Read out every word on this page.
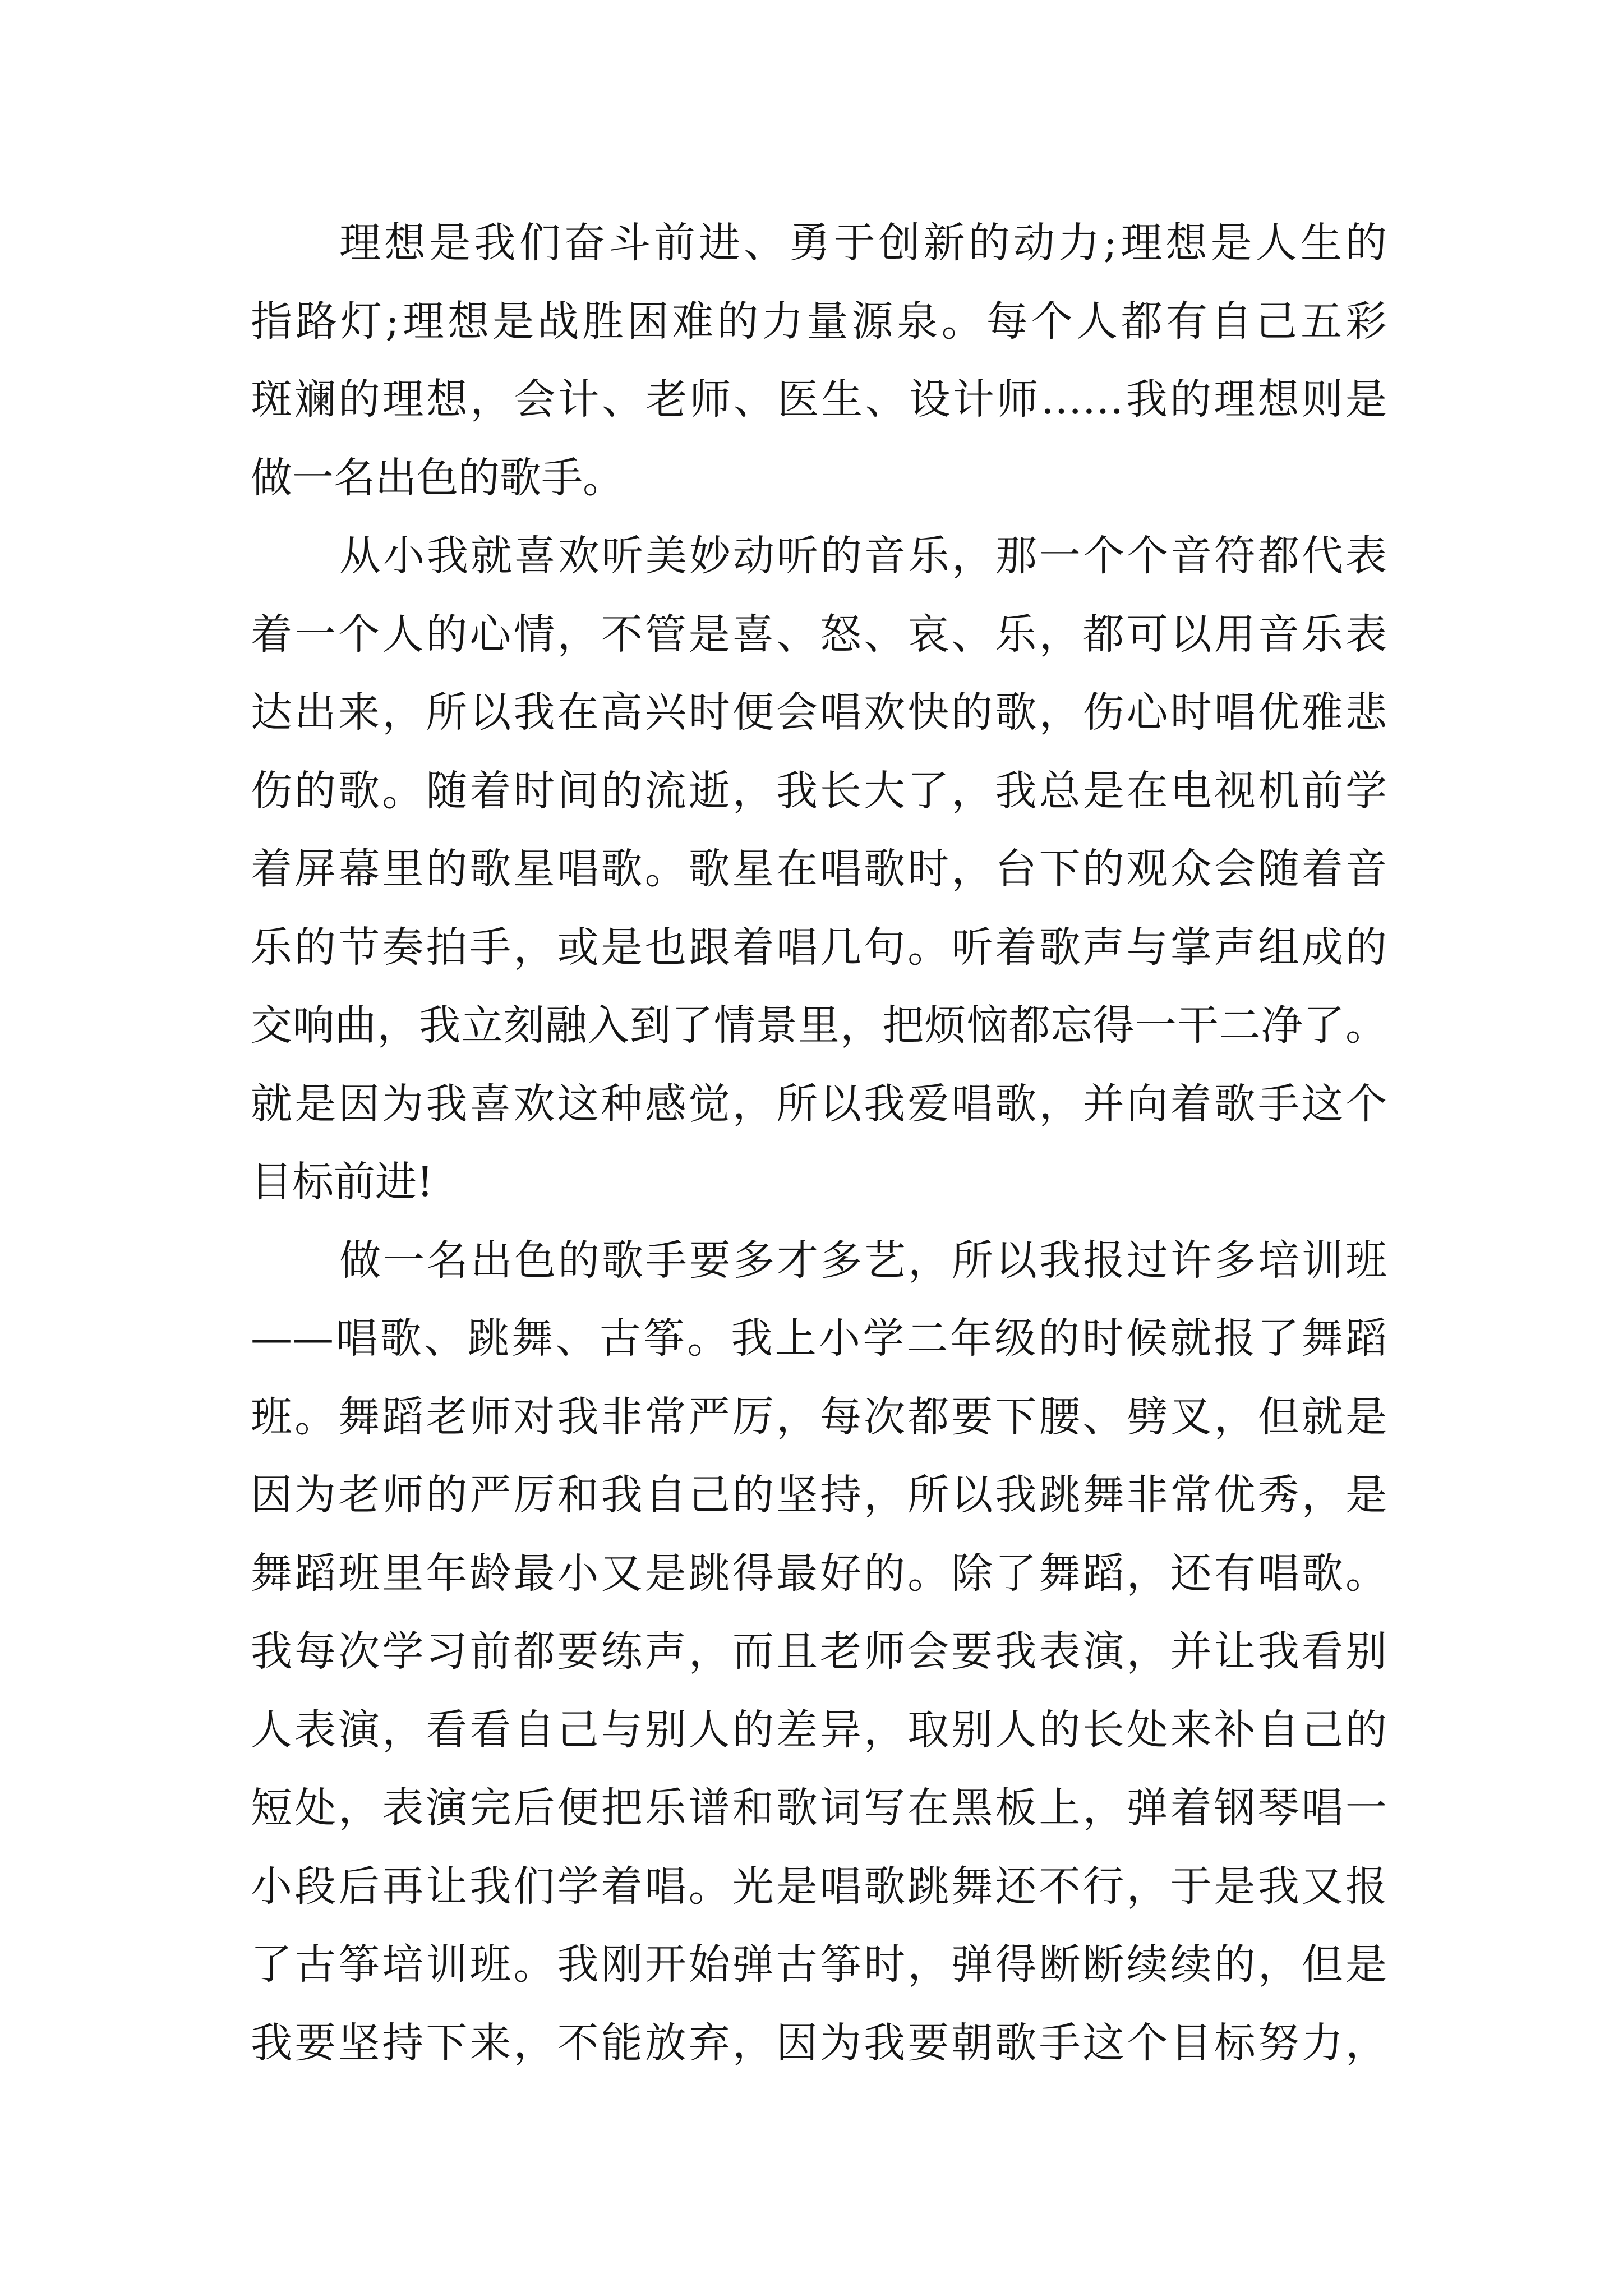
理想是我们奋斗前进、勇于创新的动力;理想是人生的
指路灯;理想是战胜困难的力量源泉。每个人都有自己五彩
斑斓的理想，会计、老师、医生、设计师……我的理想则是
做一名出色的歌手。
从小我就喜欢听美妙动听的音乐，那一个个音符都代表
着一个人的心情，不管是喜、怒、哀、乐，都可以用音乐表
达出来，所以我在高兴时便会唱欢快的歌，伤心时唱优雅悲
伤的歌。随着时间的流逝，我长大了，我总是在电视机前学
着屏幕里的歌星唱歌。歌星在唱歌时，台下的观众会随着音
乐的节奏拍手，或是也跟着唱几句。听着歌声与掌声组成的
交响曲，我立刻融入到了情景里，把烦恼都忘得一干二净了。
就是因为我喜欢这种感觉，所以我爱唱歌，并向着歌手这个
目标前进!
做一名出色的歌手要多才多艺，所以我报过许多培训班
——唱歌、跳舞、古筝。我上小学二年级的时候就报了舞蹈
班。舞蹈老师对我非常严厉，每次都要下腰、劈叉，但就是
因为老师的严厉和我自己的坚持，所以我跳舞非常优秀，是
舞蹈班里年龄最小又是跳得最好的。除了舞蹈，还有唱歌。
我每次学习前都要练声，而且老师会要我表演，并让我看别
人表演，看看自己与别人的差异，取别人的长处来补自己的
短处，表演完后便把乐谱和歌词写在黑板上，弹着钢琴唱一
小段后再让我们学着唱。光是唱歌跳舞还不行，于是我又报
了古筝培训班。我刚开始弹古筝时，弹得断断续续的，但是
我要坚持下来，不能放弃，因为我要朝歌手这个目标努力，
